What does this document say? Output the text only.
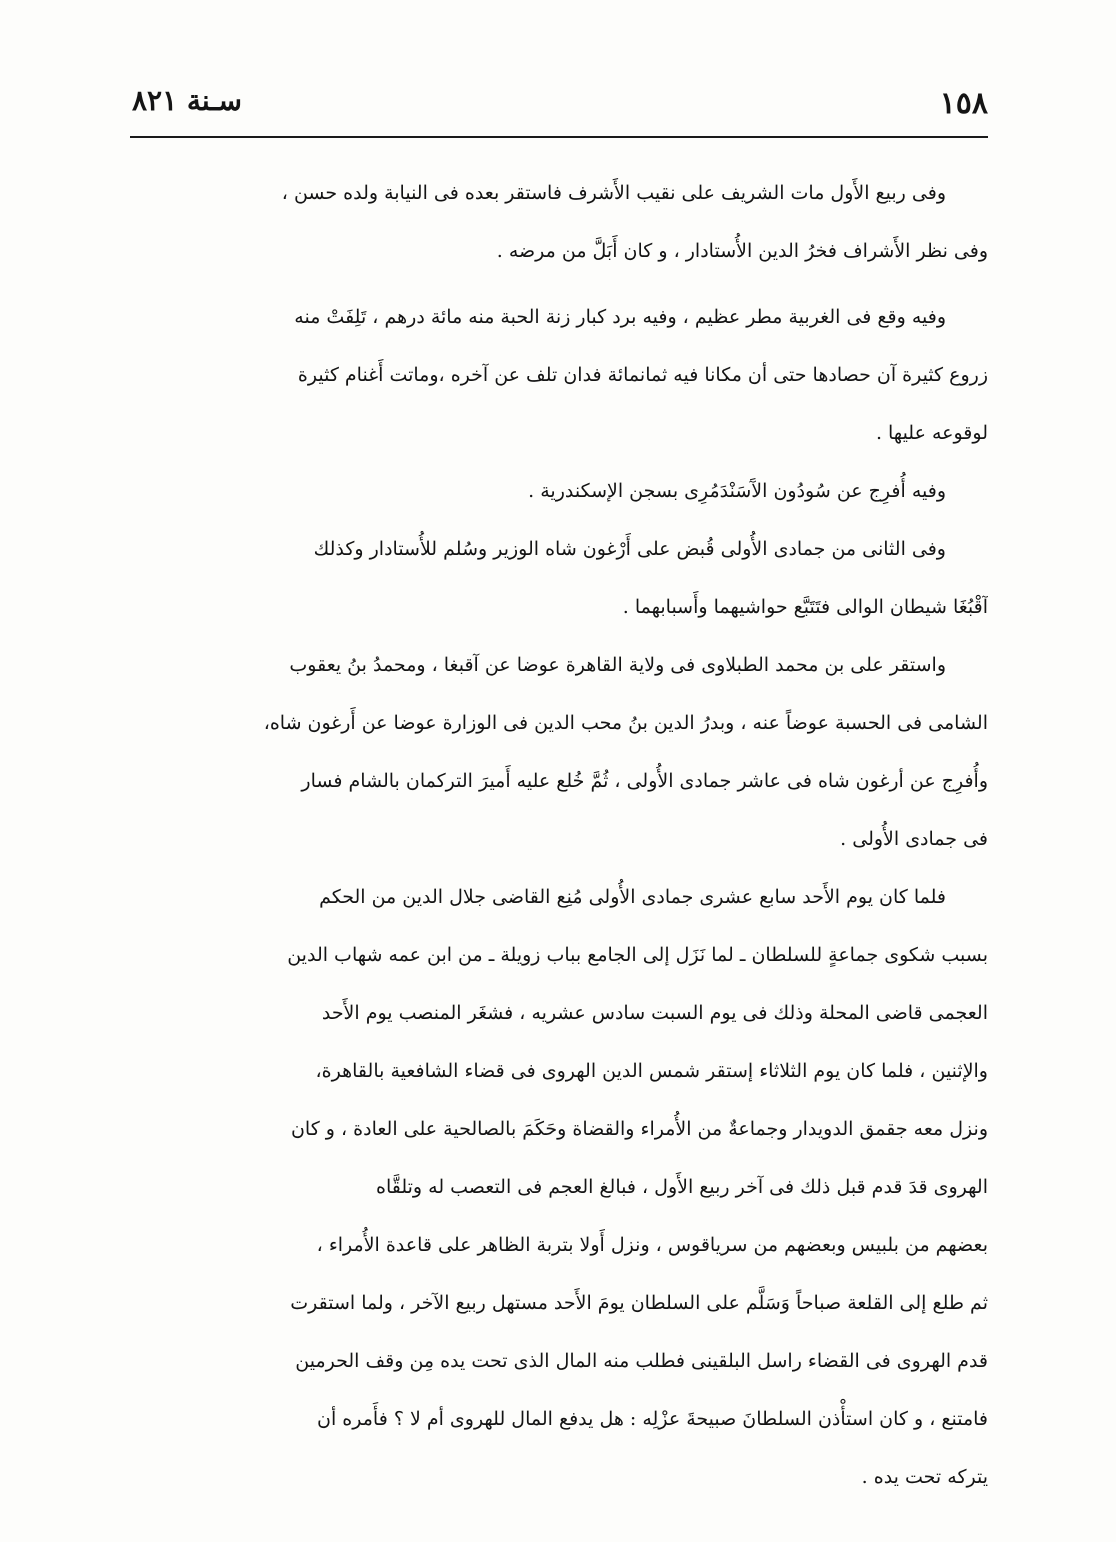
١٥٨
سـنة ٨٢١
وفى ربيع الأَول مات الشريف على نقيب الأَشرف فاستقر بعده فى النيابة ولده حسن ،
وفى نظر الأَشراف فخرُ الدين الأُستادار ، و كان أَبَلَّ من مرضه .
وفيه وقع فى الغربية مطر عظيم ، وفيه برد كبار زنة الحبة منه مائة درهم ، تَلِفَتْ منه
زروع كثيرة آن حصادها حتى أن مكانا فيه ثمانمائة فدان تلف عن آخره ،وماتت أَغنام كثيرة
لوقوعه عليها .
وفيه أُفرِج عن سُودُون الآَسَنْدَمُرِى بسجن الإسكندرية .
وفى الثانى من جمادى الأُولى قُبض على أَرْغون شاه الوزير وسُلم للأُستادار وكذلك
آقْبُغَا شيطان الوالى فتَتَبَّع حواشيهما وأَسبابهما .
واستقر على بن محمد الطبلاوى فى ولاية القاهرة عوضا عن آقبغا ، ومحمدُ بنُ يعقوب
الشامى فى الحسبة عوضاً عنه ، وبدرُ الدين بنُ محب الدين فى الوزارة عوضا عن أَرغون شاه،
وأُفرِج عن أرغون شاه فى عاشر جمادى الأُولى ، ثُمَّ خُلع عليه أَميرَ التركمان بالشام فسار
فى جمادى الأُولى .
فلما كان يوم الأَحد سابع عشرى جمادى الأُولى مُنِع القاضى جلال الدين من الحكم
بسبب شكوى جماعةٍ للسلطان ـ لما نَزَل إلى الجامع بباب زويلة ـ من ابن عمه شهاب الدين
العجمى قاضى المحلة وذلك فى يوم السبت سادس عشريه ، فشغَر المنصب يوم الأَحد
والإثنين ، فلما كان يوم الثلاثاء إستقر شمس الدين الهروى فى قضاء الشافعية بالقاهرة،
ونزل معه جقمق الدويدار وجماعةٌ من الأُمراء والقضاة وحَكَمَ بالصالحية على العادة ، و كان
الهروى قدَ قدم قبل ذلك فى آخر ربيع الأَول ، فبالغ العجم فى التعصب له وتلقَّاه
بعضهم من بلبيس وبعضهم من سرياقوس ، ونزل أَولا بتربة الظاهر على قاعدة الأُمراء ،
ثم طلع إلى القلعة صباحاً وَسَلَّم على السلطان يومَ الأَحد مستهل ربيع الآخر ، ولما استقرت
قدم الهروى فى القضاء راسل البلقينى فطلب منه المال الذى تحت يده مِن وقف الحرمين
فامتنع ، و كان استأْذن السلطانَ صبيحةَ عزْلِه : هل يدفع المال للهروى أم لا ؟ فأَمره أن
يتركه تحت يده .
